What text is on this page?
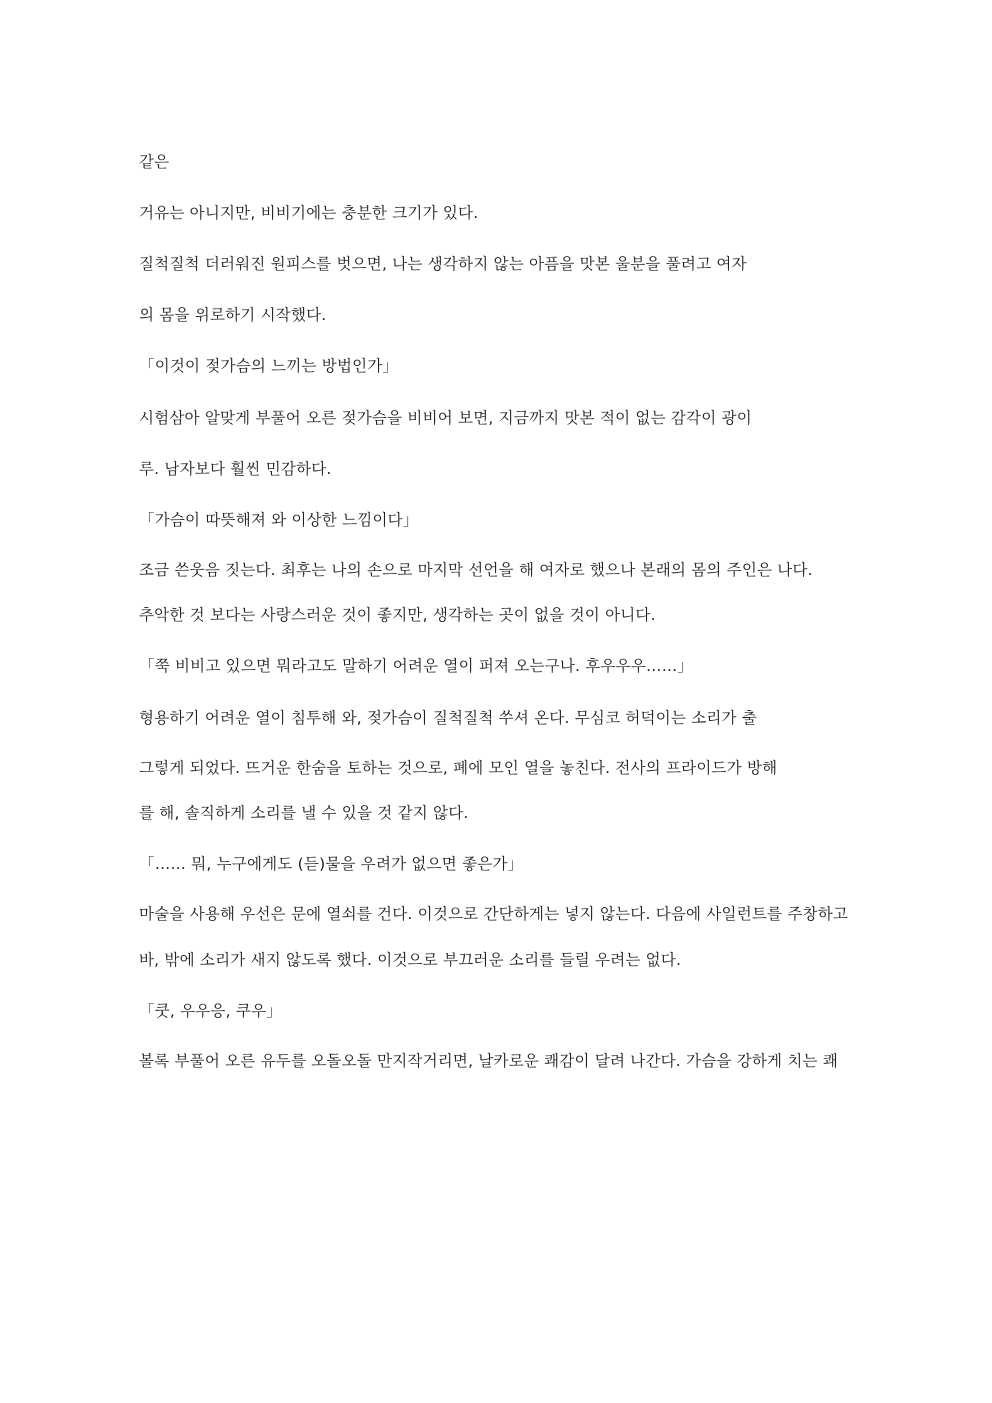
같은

거유는 아니지만, 비비기에는 충분한 크기가 있다.

질척질척 더러워진 원피스를 벗으면, 나는 생각하지 않는 아픔을 맛본 울분을 풀려고 여자

의 몸을 위로하기 시작했다.

「이것이 젖가슴의 느끼는 방법인가」

시험삼아 알맞게 부풀어 오른 젖가슴을 비비어 보면, 지금까지 맛본 적이 없는 감각이 광이

루. 남자보다 훨씬 민감하다.

「가슴이 따뜻해져 와 이상한 느낌이다」

조금 쓴웃음 짓는다. 최후는 나의 손으로 마지막 선언을 해 여자로 했으나 본래의 몸의 주인은 나다.

추악한 것 보다는 사랑스러운 것이 좋지만, 생각하는 곳이 없을 것이 아니다.

「쭉 비비고 있으면 뭐라고도 말하기 어려운 열이 퍼져 오는구나. 후우우우……」

형용하기 어려운 열이 침투해 와, 젖가슴이 질척질척 쑤셔 온다. 무심코 허덕이는 소리가 출

그렇게 되었다. 뜨거운 한숨을 토하는 것으로, 폐에 모인 열을 놓친다. 전사의 프라이드가 방해

를 해, 솔직하게 소리를 낼 수 있을 것 같지 않다.

「…… 뭐, 누구에게도 (듣)물을 우려가 없으면 좋은가」

마술을 사용해 우선은 문에 열쇠를 건다. 이것으로 간단하게는 넣지 않는다. 다음에 사일런트를 주창하고

바, 밖에 소리가 새지 않도록 했다. 이것으로 부끄러운 소리를 들릴 우려는 없다.

「쿳, 우우응, 쿠우」

볼록 부풀어 오른 유두를 오돌오돌 만지작거리면, 날카로운 쾌감이 달려 나간다. 가슴을 강하게 치는 쾌
